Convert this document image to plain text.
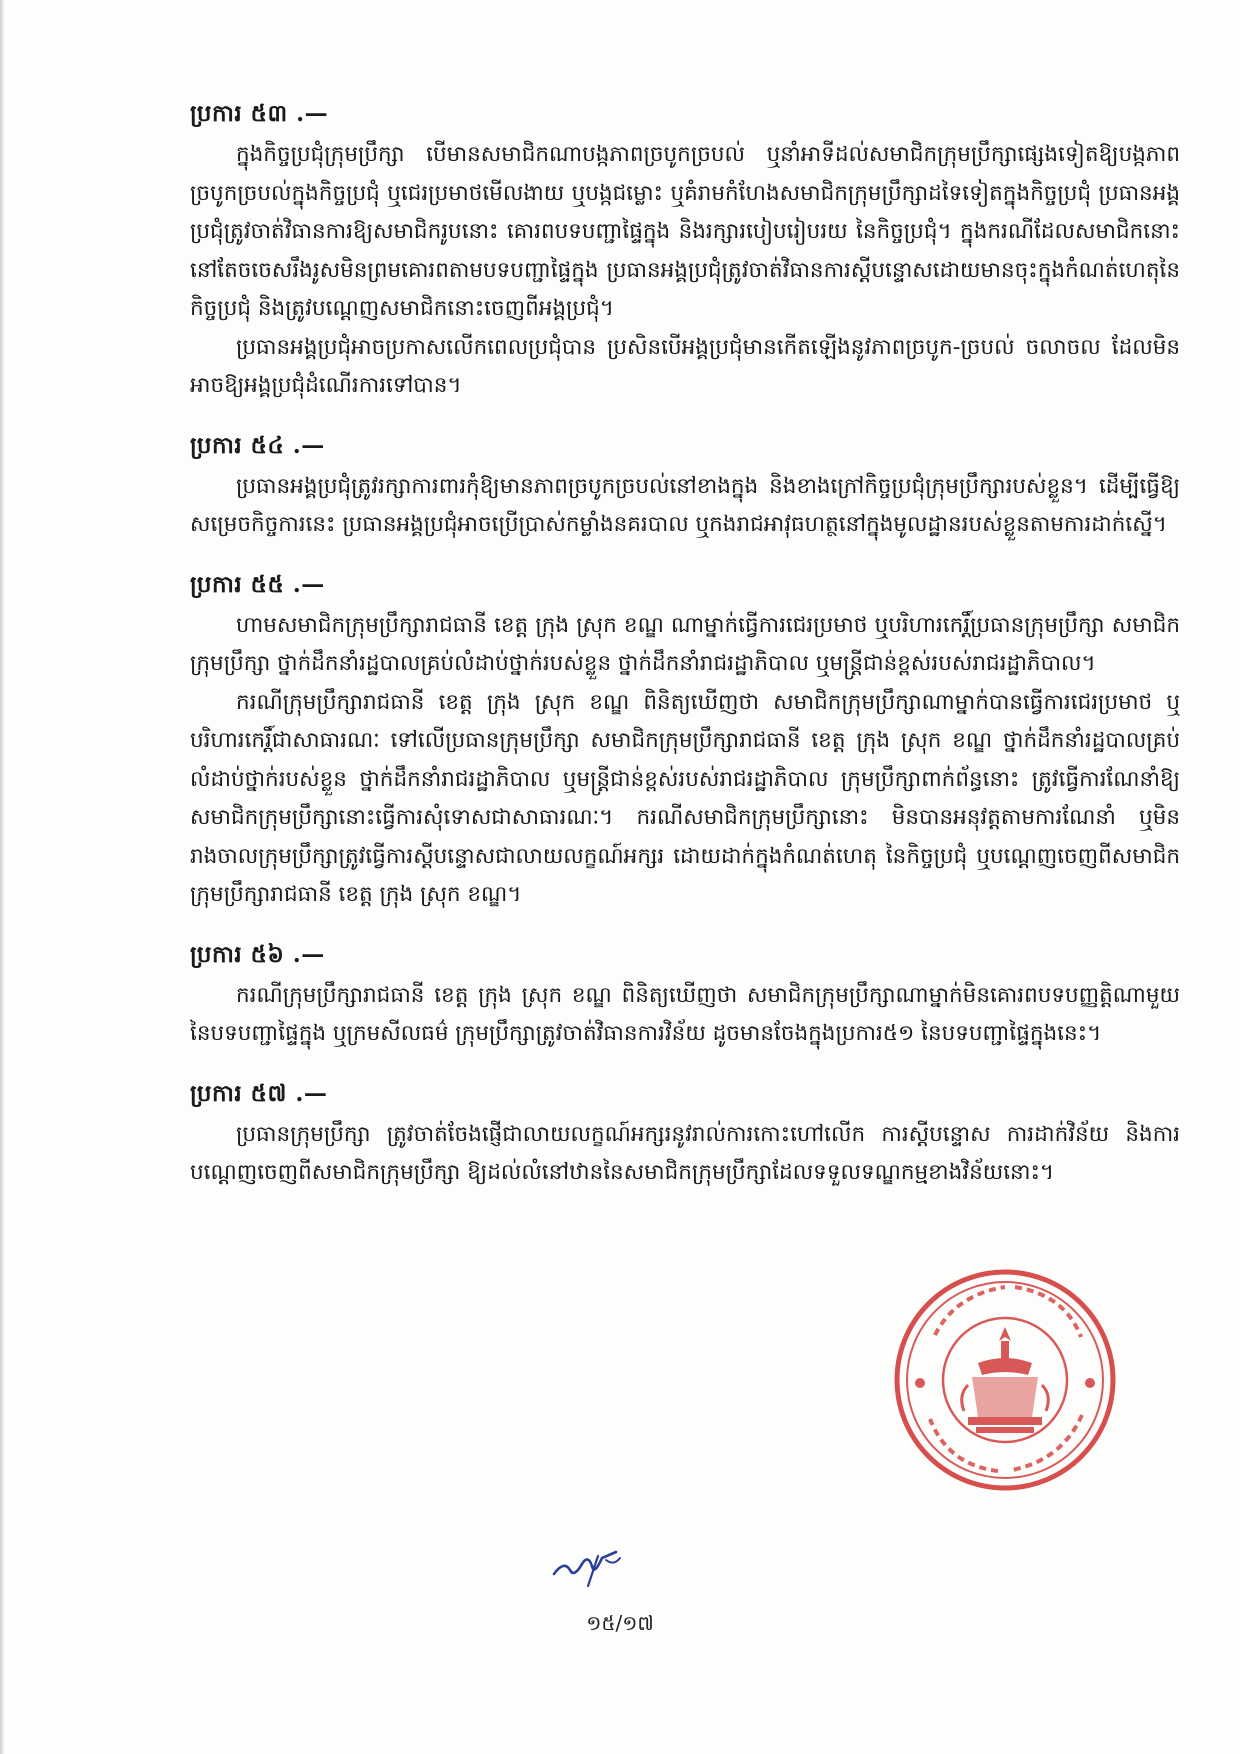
ប្រការ ៥៣ .—

ក្នុងកិច្ចប្រជុំក្រុមប្រឹក្សា បើមានសមាជិកណាបង្កភាពច្របូកច្របល់ ឬនាំអាទីដល់សមាជិកក្រុមប្រឹក្សាផ្សេងទៀតឱ្យបង្កភាពច្របូកច្របល់ក្នុងកិច្ចប្រជុំ ឬជេរប្រមាថមើលងាយ ឬបង្កជម្លោះ ឬគំរាមកំហែងសមាជិកក្រុមប្រឹក្សាដទៃទៀតក្នុងកិច្ចប្រជុំ ប្រធានអង្គប្រជុំត្រូវចាត់វិធានការឱ្យសមាជិករូបនោះ គោរពបទបញ្ជាផ្ទៃក្នុង និងរក្សារបៀបរៀបរយ នៃកិច្ចប្រជុំ។ ក្នុងករណីដែលសមាជិកនោះ នៅតែចចេសរឹងរូសមិនព្រមគោរពតាមបទបញ្ជាផ្ទៃក្នុង ប្រធានអង្គប្រជុំត្រូវចាត់វិធានការស្តីបន្ទោសដោយមានចុះក្នុងកំណត់ហេតុនៃកិច្ចប្រជុំ និងត្រូវបណ្តេញសមាជិកនោះចេញពីអង្គប្រជុំ។

ប្រធានអង្គប្រជុំអាចប្រកាសលើកពេលប្រជុំបាន ប្រសិនបើអង្គប្រជុំមានកើតឡើងនូវភាពច្របូក-ច្របល់ ចលាចល ដែលមិនអាចឱ្យអង្គប្រជុំដំណើរការទៅបាន។

ប្រការ ៥៤ .—

ប្រធានអង្គប្រជុំត្រូវរក្សាការពារកុំឱ្យមានភាពច្របូកច្របល់នៅខាងក្នុង និងខាងក្រៅកិច្ចប្រជុំក្រុមប្រឹក្សារបស់ខ្លួន។ ដើម្បីធ្វើឱ្យសម្រេចកិច្ចការនេះ ប្រធានអង្គប្រជុំអាចប្រើប្រាស់កម្លាំងនគរបាល ឬកងរាជអាវុធហត្ថនៅក្នុងមូលដ្ឋានរបស់ខ្លួនតាមការដាក់ស្នើ។

ប្រការ ៥៥ .—

ហាមសមាជិកក្រុមប្រឹក្សារាជធានី ខេត្ត ក្រុង ស្រុក ខណ្ឌ ណាម្នាក់ធ្វើការជេរប្រមាថ ឬបរិហារកេរ្តិ៍ប្រធានក្រុមប្រឹក្សា សមាជិកក្រុមប្រឹក្សា ថ្នាក់ដឹកនាំរដ្ឋបាលគ្រប់លំដាប់ថ្នាក់របស់ខ្លួន ថ្នាក់ដឹកនាំរាជរដ្ឋាភិបាល ឬមន្ត្រីជាន់ខ្ពស់របស់រាជរដ្ឋាភិបាល។

ករណីក្រុមប្រឹក្សារាជធានី ខេត្ត ក្រុង ស្រុក ខណ្ឌ ពិនិត្យឃើញថា សមាជិកក្រុមប្រឹក្សាណាម្នាក់បានធ្វើការជេរប្រមាថ ឬបរិហារកេរ្តិ៍ជាសាធារណៈ ទៅលើប្រធានក្រុមប្រឹក្សា សមាជិកក្រុមប្រឹក្សារាជធានី ខេត្ត ក្រុង ស្រុក ខណ្ឌ ថ្នាក់ដឹកនាំរដ្ឋបាលគ្រប់លំដាប់ថ្នាក់របស់ខ្លួន ថ្នាក់ដឹកនាំរាជរដ្ឋាភិបាល ឬមន្ត្រីជាន់ខ្ពស់របស់រាជរដ្ឋាភិបាល ក្រុមប្រឹក្សាពាក់ព័ន្ធនោះ ត្រូវធ្វើការណែនាំឱ្យសមាជិកក្រុមប្រឹក្សានោះធ្វើការសុំទោសជាសាធារណៈ។ ករណីសមាជិកក្រុមប្រឹក្សានោះ មិនបានអនុវត្តតាមការណែនាំ ឬមិនរាងចាលក្រុមប្រឹក្សាត្រូវធ្វើការស្តីបន្ទោសជាលាយលក្ខណ៍អក្សរ ដោយដាក់ក្នុងកំណត់ហេតុ នៃកិច្ចប្រជុំ ឬបណ្តេញចេញពីសមាជិកក្រុមប្រឹក្សារាជធានី ខេត្ត ក្រុង ស្រុក ខណ្ឌ។

ប្រការ ៥៦ .—

ករណីក្រុមប្រឹក្សារាជធានី ខេត្ត ក្រុង ស្រុក ខណ្ឌ ពិនិត្យឃើញថា សមាជិកក្រុមប្រឹក្សាណាម្នាក់មិនគោរពបទបញ្ញត្តិណាមួយ នៃបទបញ្ជាផ្ទៃក្នុង ឬក្រមសីលធម៌ ក្រុមប្រឹក្សាត្រូវចាត់វិធានការវិន័យ ដូចមានចែងក្នុងប្រការ៥១ នៃបទបញ្ជាផ្ទៃក្នុងនេះ។

ប្រការ ៥៧ .—

ប្រធានក្រុមប្រឹក្សា ត្រូវចាត់ចែងផ្ញើជាលាយលក្ខណ៍អក្សរនូវរាល់ការកោះហៅលើក ការស្តីបន្ទោស ការដាក់វិន័យ និងការបណ្តេញចេញពីសមាជិកក្រុមប្រឹក្សា ឱ្យដល់លំនៅឋាននៃសមាជិកក្រុមប្រឹក្សាដែលទទួលទណ្ឌកម្មខាងវិន័យនោះ។

១៥/១៧
